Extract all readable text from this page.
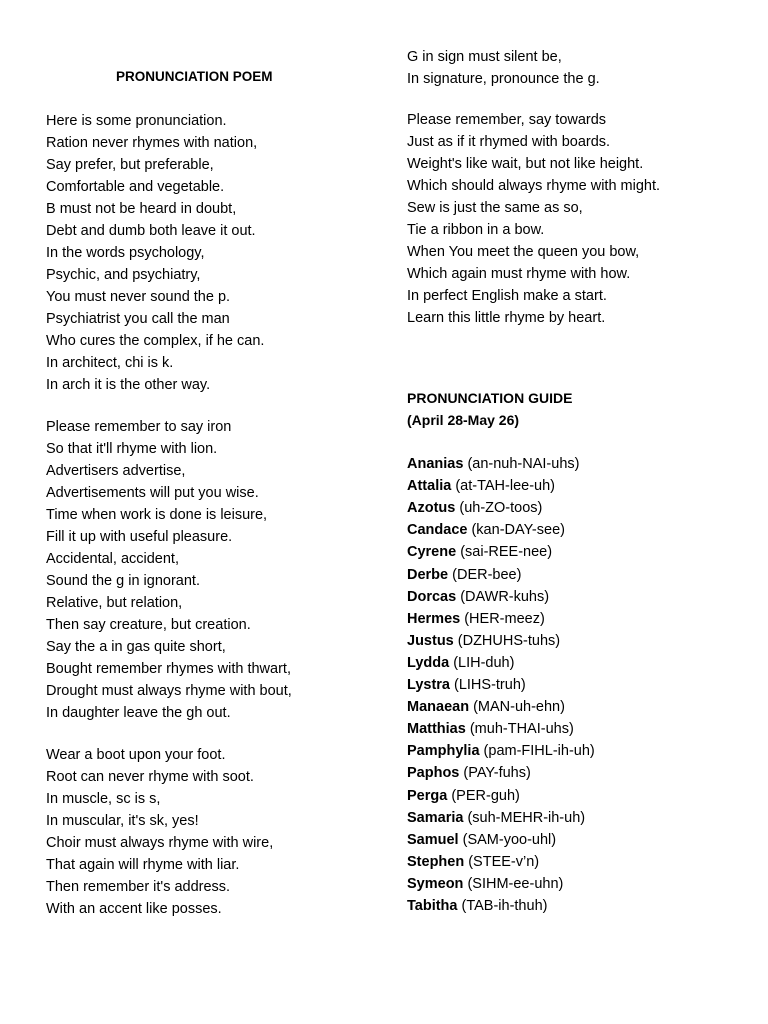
PRONUNCIATION POEM
Here is some pronunciation.
Ration never rhymes with nation,
Say prefer, but preferable,
Comfortable and vegetable.
B must not be heard in doubt,
Debt and dumb both leave it out.
In the words psychology,
Psychic, and psychiatry,
You must never sound the p.
Psychiatrist you call the man
Who cures the complex, if he can.
In architect, chi is k.
In arch it is the other way.
Please remember to say iron
So that it'll rhyme with lion.
Advertisers advertise,
Advertisements will put you wise.
Time when work is done is leisure,
Fill it up with useful pleasure.
Accidental, accident,
Sound the g in ignorant.
Relative, but relation,
Then say creature, but creation.
Say the a in gas quite short,
Bought remember rhymes with thwart,
Drought must always rhyme with bout,
In daughter leave the gh out.
Wear a boot upon your foot.
Root can never rhyme with soot.
In muscle, sc is s,
In muscular, it's sk, yes!
Choir must always rhyme with wire,
That again will rhyme with liar.
Then remember it's address.
With an accent like posses.
G in sign must silent be,
In signature, pronounce the g.
Please remember, say towards
Just as if it rhymed with boards.
Weight's like wait, but not like height.
Which should always rhyme with might.
Sew is just the same as so,
Tie a ribbon in a bow.
When You meet the queen you bow,
Which again must rhyme with how.
In perfect English make a start.
Learn this little rhyme by heart.
PRONUNCIATION GUIDE
(April 28-May 26)
Ananias (an-nuh-NAI-uhs)
Attalia (at-TAH-lee-uh)
Azotus (uh-ZO-toos)
Candace (kan-DAY-see)
Cyrene (sai-REE-nee)
Derbe (DER-bee)
Dorcas (DAWR-kuhs)
Hermes (HER-meez)
Justus (DZHUHS-tuhs)
Lydda (LIH-duh)
Lystra (LIHS-truh)
Manaean (MAN-uh-ehn)
Matthias (muh-THAI-uhs)
Pamphylia (pam-FIHL-ih-uh)
Paphos (PAY-fuhs)
Perga (PER-guh)
Samaria (suh-MEHR-ih-uh)
Samuel (SAM-yoo-uhl)
Stephen (STEE-v’n)
Symeon (SIHM-ee-uhn)
Tabitha (TAB-ih-thuh)
